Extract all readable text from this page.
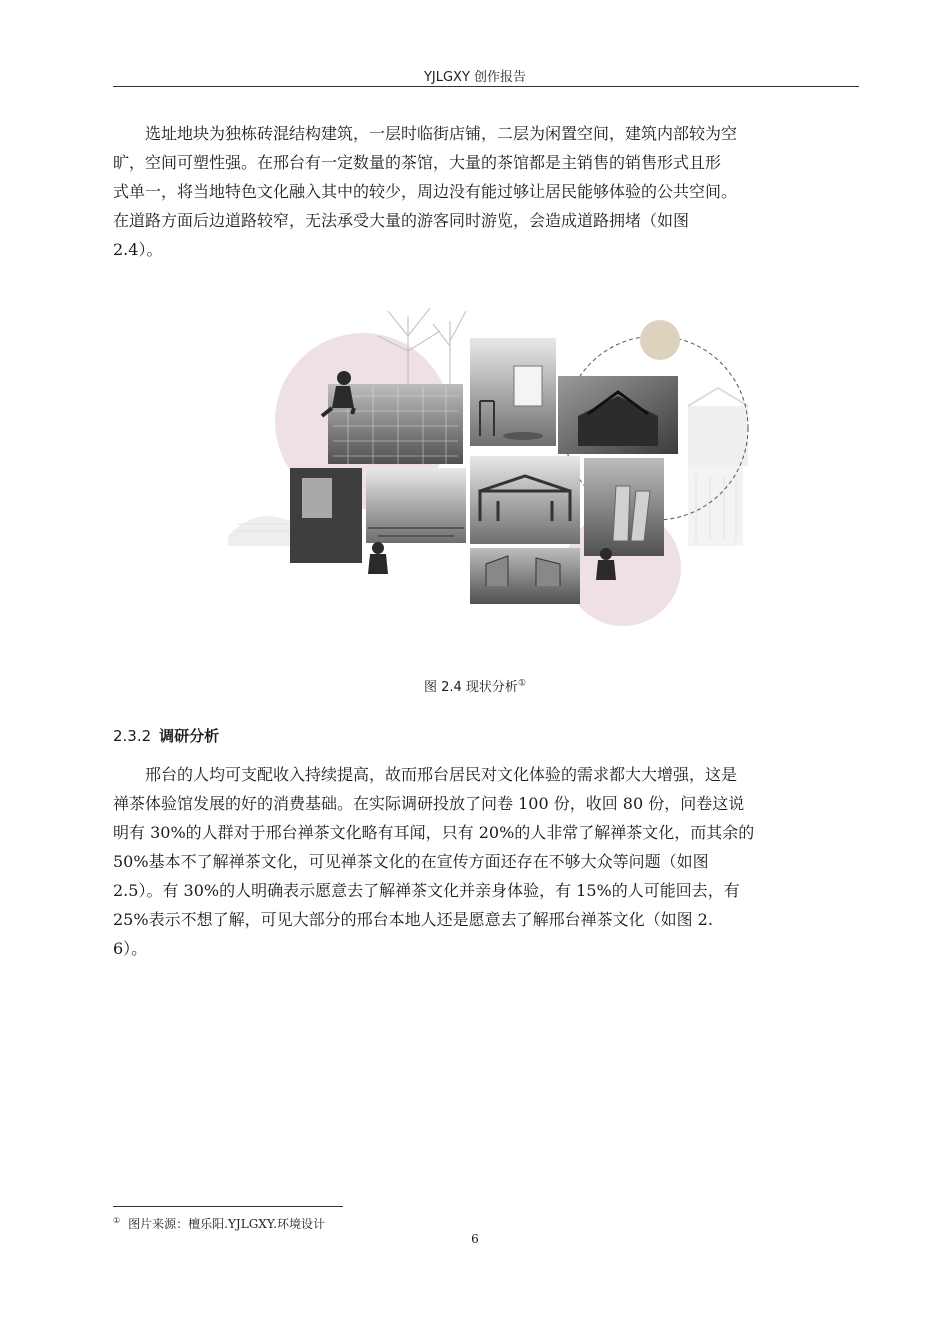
YJLGXY 创作报告

选址地块为独栋砖混结构建筑，一层时临街店铺，二层为闲置空间，建筑内部较为空
旷，空间可塑性强。在邢台有一定数量的茶馆，大量的茶馆都是主销售的销售形式且形
式单一，将当地特色文化融入其中的较少，周边没有能过够让居民能够体验的公共空间。
在道路方面后边道路较窄，无法承受大量的游客同时游览，会造成道路拥堵（如图
2.4）。

图 2.4 现状分析①
2.3.2 调研分析

邢台的人均可支配收入持续提高，故而邢台居民对文化体验的需求都大大增强，这是
禅茶体验馆发展的好的消费基础。在实际调研投放了问卷 100 份，收回 80 份，问卷这说
明有 30%的人群对于邢台禅茶文化略有耳闻，只有 20%的人非常了解禅茶文化，而其余的
50%基本不了解禅茶文化，可见禅茶文化的在宣传方面还存在不够大众等问题（如图
2.5）。有 30%的人明确表示愿意去了解禅茶文化并亲身体验，有 15%的人可能回去，有
25%表示不想了解，可见大部分的邢台本地人还是愿意去了解邢台禅茶文化（如图 2.
6）。

① 图片来源：檀乐阳.YJLGXY.环境设计
6
